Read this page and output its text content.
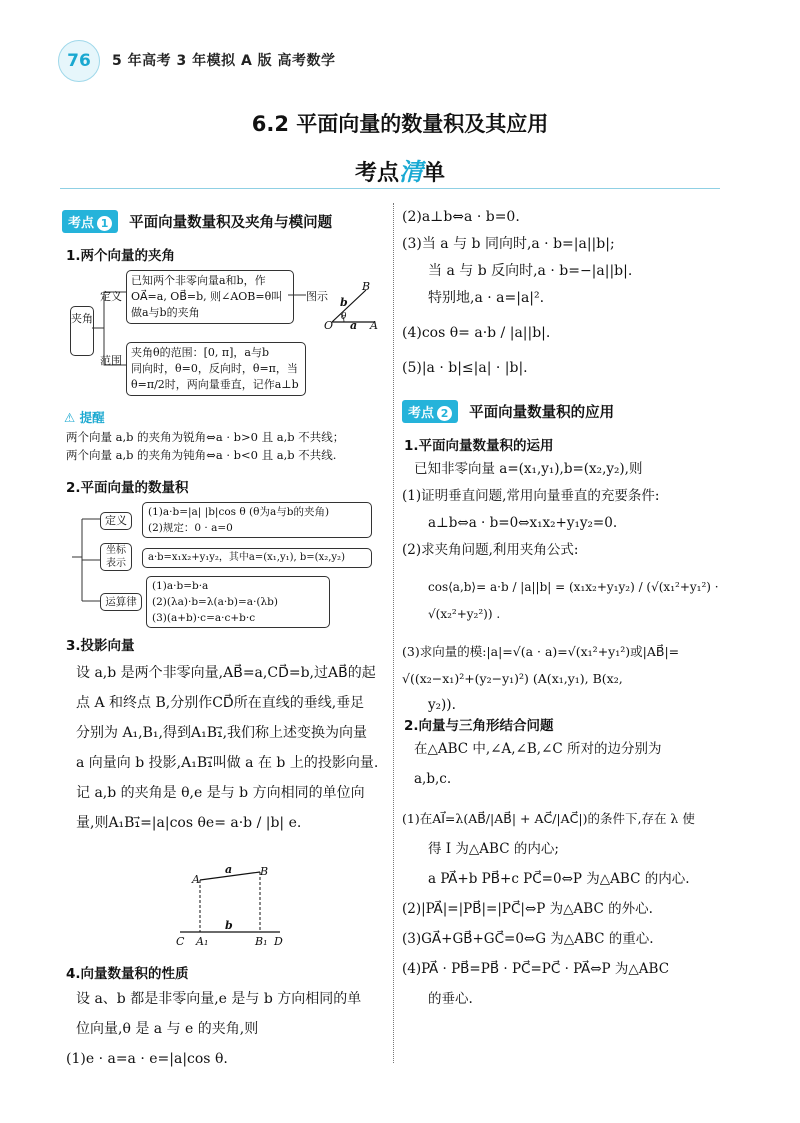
76	5 年高考 3 年模拟 A 版 高考数学
6.2 平面向量的数量积及其应用
考点清单
考点 1 平面向量数量积及夹角与模问题
1.两个向量的夹角
夹角
定义
范围
已知两个非零向量a和b，作
OA⃗=a, OB⃗=b, 则∠AOB=θ叫
做a与b的夹角
图示
B
O	A
b
a
θ
夹角θ的范围：[0, π]，a与b
同向时，θ=0，反向时，θ=π，当
θ=π/2时，两向量垂直，记作a⊥b
⚠ 提醒
两个向量 a,b 的夹角为锐角⇔a · b>0 且 a,b 不共线；
两个向量 a,b 的夹角为钝角⇔a · b<0 且 a,b 不共线.
2.平面向量的数量积
定义
(1)a·b=|a| |b|cos θ (θ为a与b的夹角)
(2)规定：0 · a=0
坐标
表示
a·b=x₁x₂+y₁y₂，其中a=(x₁,y₁), b=(x₂,y₂)
运算律
(1)a·b=b·a
(2)(λa)·b=λ(a·b)=a·(λb)
(3)(a+b)·c=a·c+b·c
3.投影向量
设 a,b 是两个非零向量,AB⃗=a,CD⃗=b,过AB⃗的起
点 A 和终点 B,分别作CD⃗所在直线的垂线,垂足
分别为 A₁,B₁,得到A₁B₁⃗,我们称上述变换为向量
a 向量向 b 投影,A₁B₁⃗叫做 a 在 b 上的投影向量.
记 a,b 的夹角是 θ,e 是与 b 方向相同的单位向
量,则A₁B₁⃗=|a|cos θe= a·b / |b| e.
A
B
a
b
C A₁	B₁ D
4.向量数量积的性质
设 a、b 都是非零向量,e 是与 b 方向相同的单
位向量,θ 是 a 与 e 的夹角,则
(1)e · a=a · e=|a|cos θ.
(2)a⊥b⇔a · b=0.
(3)当 a 与 b 同向时,a · b=|a||b|;
当 a 与 b 反向时,a · b=−|a||b|.
特别地,a · a=|a|².
(4)cos θ= a·b / |a||b|.
(5)|a · b|≤|a| · |b|.
考点 2 平面向量数量积的应用
1.平面向量数量积的运用
已知非零向量 a=(x₁,y₁),b=(x₂,y₂),则
(1)证明垂直问题,常用向量垂直的充要条件:
a⊥b⇔a · b=0⇔x₁x₂+y₁y₂=0.
(2)求夹角问题,利用夹角公式:
cos⟨a,b⟩= a·b / |a||b| = (x₁x₂+y₁y₂) / (√(x₁²+y₁²) · √(x₂²+y₂²)) .
(3)求向量的模:|a|=√(a · a)=√(x₁²+y₁²)或|AB⃗|=
√((x₂−x₁)²+(y₂−y₁)²) (A(x₁,y₁), B(x₂,
y₂)).
2.向量与三角形结合问题
在△ABC 中,∠A,∠B,∠C 所对的边分别为
a,b,c.
(1)在AI⃗=λ(AB⃗/|AB⃗| + AC⃗/|AC⃗|)的条件下,存在 λ 使
得 I 为△ABC 的内心;
a PA⃗+b PB⃗+c PC⃗=0⇔P 为△ABC 的内心.
(2)|PA⃗|=|PB⃗|=|PC⃗|⇔P 为△ABC 的外心.
(3)GA⃗+GB⃗+GC⃗=0⇔G 为△ABC 的重心.
(4)PA⃗ · PB⃗=PB⃗ · PC⃗=PC⃗ · PA⃗⇔P 为△ABC
的垂心.
